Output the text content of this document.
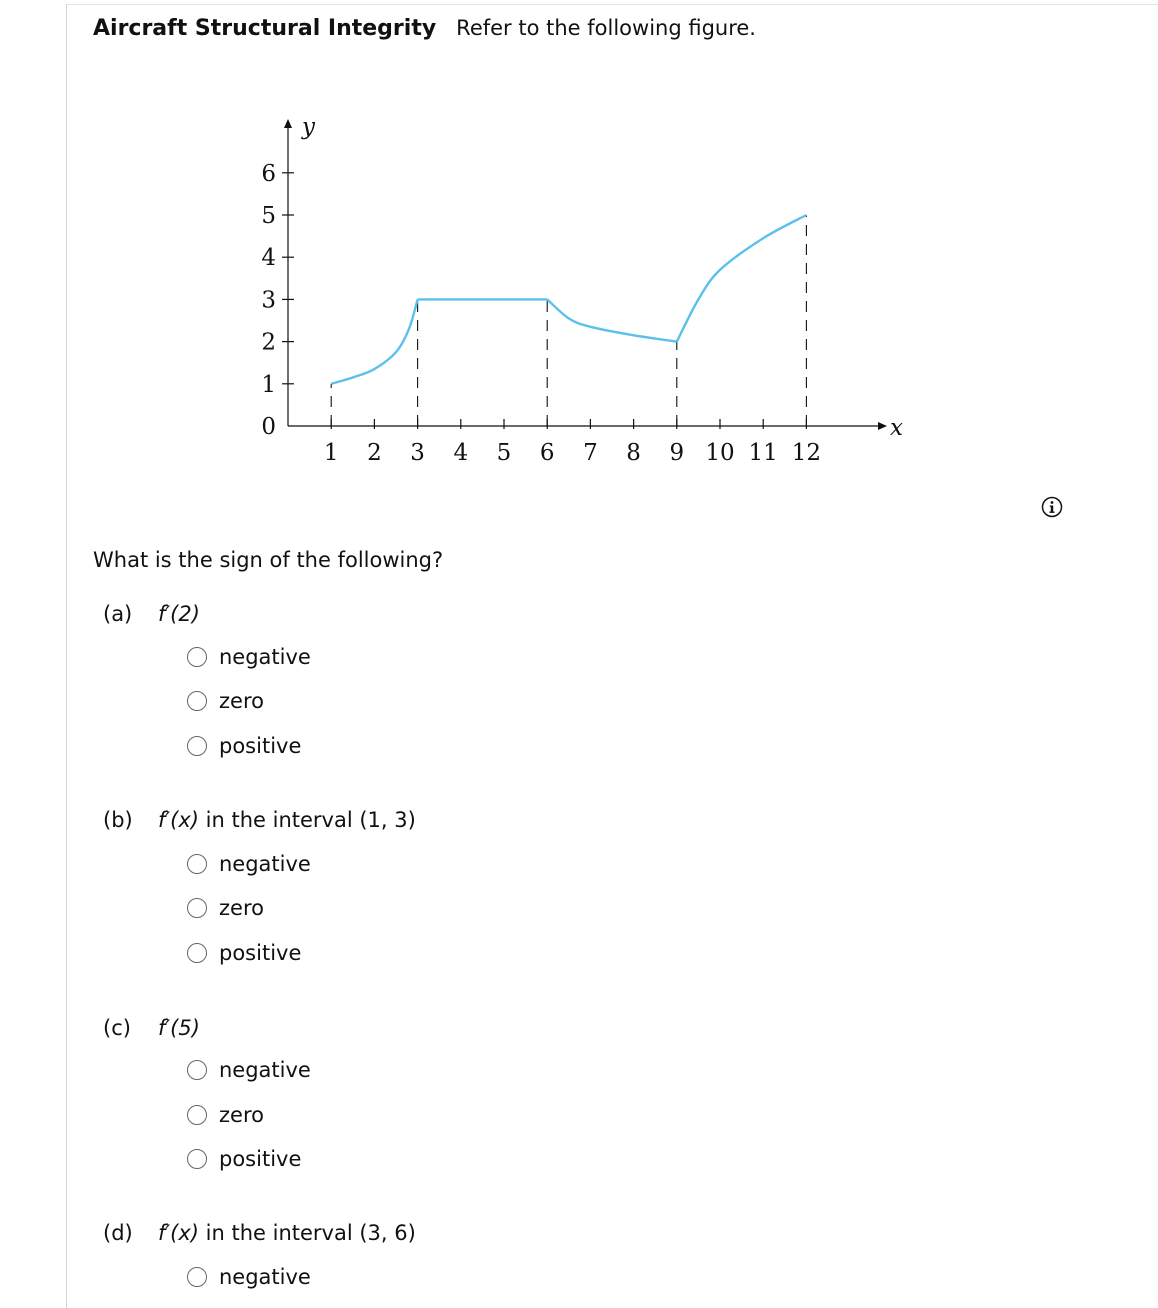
Aircraft Structural Integrity Refer to the following figure.
y
x
0
1
2
3
4
5
6
1 2 3 4 5 6 7 8 9 10 11 12
What is the sign of the following?
(a) f′(2)
negative
zero
positive
(b) f′(x) in the interval (1, 3)
negative
zero
positive
(c) f′(5)
negative
zero
positive
(d) f′(x) in the interval (3, 6)
negative
